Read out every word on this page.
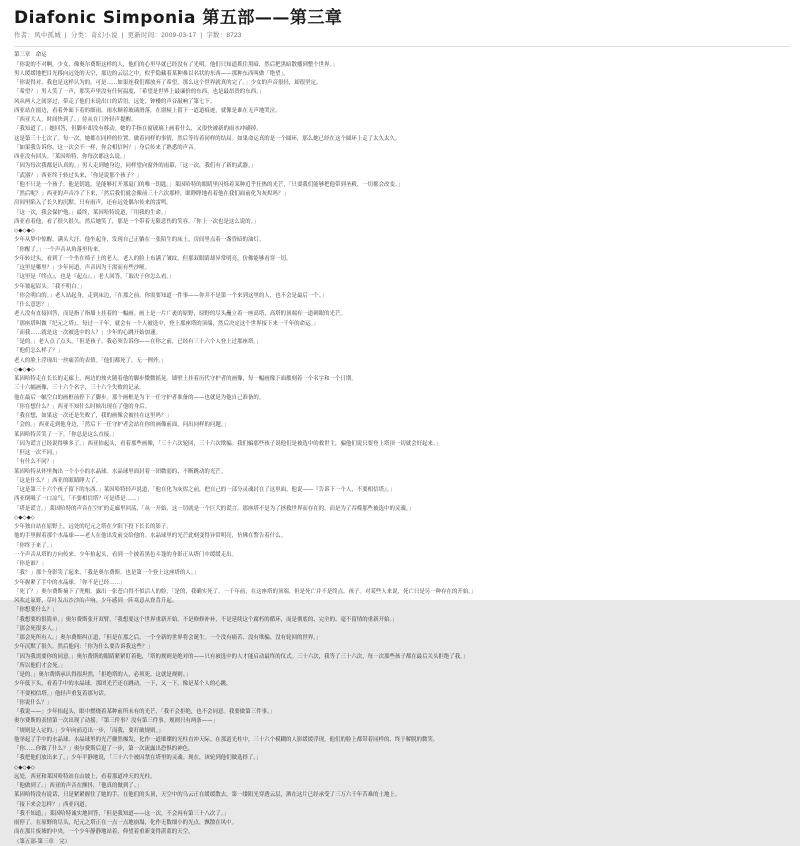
Diafonic Simponia 第五部——第三章
作者：风中孤城 | 分类：奇幻小说 | 更新时间：2009-03-17 | 字数：8723

第三章　命运

「你说的不对啊，少女，像奥尔费斯这样的人，他们的心里早就已经没有了光明。他们只知道抓住黑暗，然后把黑暗散播到整个世界。」

男人缓缓地把目光移向远处的天空，那边的云层之中，似乎隐藏着某种难以名状的东西——那种东西叫做「绝望」。

「你说得对，我也是这样认为的。可是……如果连我们都放弃了希望，那么这个世界就真的完了。」少女的声音很轻，却很坚定。

「希望？」男人笑了一声，那笑声里没有任何温度，「希望是世界上最廉价的东西，也是最昂贵的东西。」

风从两人之间穿过，带走了他们未说出口的话语。远处，钟楼的声音敲响了第七下。

西亚站在窗边，看着外面下着的细雨。雨水顺着玻璃滑落，在窗棂上留下一道道痕迹，就像是谁在无声地哭泣。

「西亚大人，时间快到了。」侍从在门外轻声提醒。

「我知道了。」她回答，但脚步却没有移动。她的手指在窗玻璃上画着什么，又很快被新的雨水冲刷掉。

这是第三十七次了。每一次，她都在同样的位置，做着同样的事情，然后等待着同样的结局。如果命运真的是一个圆环，那么她已经在这个圆环上走了太久太久。

「如果我告诉你，这一次会不一样，你会相信吗？」身后传来了熟悉的声音。

西亚没有回头。「莱因哈特，你每次都这么说。」

「因为每次我都是认真的。」男人走到她身边，同样望向窗外的雨幕，「这一次，我们有了新的武器。」

「武器？」西亚终于转过头来，「你是说那个孩子？」

「他不只是一个孩子。他是钥匙，是能够打开那扇门的唯一钥匙。」莱因哈特的眼睛里闪烁着某种近乎狂热的光芒，「只要我们能够把他带到圣殿，一切都会改变。」

「然后呢？」西亚的声音冷了下来，「然后我们就会像前三十六次那样，眼睁睁地看着他在我们面前化为灰烬吗？」

房间里陷入了长久的沉默。只有雨声，还有远处偶尔传来的雷鸣。

「这一次，我会保护他。」最终，莱因哈特说道，「用我的生命。」

西亚看着他，看了很久很久。然后她笑了，那是一个带着无限悲伤的笑容。「你上一次也是这么说的。」

◇◆◇◆◇

少年从梦中惊醒，满头大汗。他坐起身，发现自己正躺在一张陌生的床上，房间里点着一盏昏暗的油灯。

「你醒了。」一个声音从角落里传来。

少年转过头，看到了一个坐在椅子上的老人。老人的脸上布满了皱纹，但那双眼睛却异常明亮，仿佛能够看穿一切。

「这里是哪里？」少年问道，声音因为干渴而有些沙哑。

「这里是『终点』，也是『起点』。」老人回答，「取决于你怎么看。」

少年皱起眉头。「我不明白。」

「你会明白的。」老人站起身，走到床边，「在那之前，你需要知道一件事——你并不是第一个来到这里的人，也不会是最后一个。」

「什么意思？」

老人没有直接回答，而是指了指墙上挂着的一幅画。画上是一片广袤的原野，原野的尽头矗立着一座高塔，高塔的顶端有一道刺眼的光芒。

「那座塔叫做『纪元之塔』。每过一千年，就会有一个人被选中，登上那座塔的顶端，然后决定这个世界接下来一千年的命运。」

「而我……就是这一次被选中的人？」少年的心跳开始加速。

「是的。」老人点了点头，「但是孩子，我必须告诉你——在你之前，已经有三十六个人登上过那座塔。」

「他们怎么样了？」

老人的脸上浮现出一丝痛苦的表情。「他们都死了。无一例外。」

◇◆◇◆◇

莱因哈特走在长长的走廊上，两边的烛火随着他的脚步微微摇晃。墙壁上挂着历代守护者的画像，每一幅画像下面都刻着一个名字和一个日期。

三十六幅画像，三十六个名字，三十六个失败的记录。

他在最后一幅空白的画框前停下了脚步。那个画框是为下一任守护者准备的——也就是为他自己准备的。

「你在想什么？」西亚不知什么时候出现在了他的身后。

「我在想，如果这一次还是失败了，我的画像会被挂在这里吗？」

「会的。」西亚走到他身边，「然后下一任守护者会站在你的画像前面，问出同样的问题。」

莱因哈特苦笑了一下。「你总是这么直接。」

「因为谎言已经说得够多了。」西亚抬起头，看着那些画像，「三十六次轮回，三十六次欺骗。我们骗那些孩子说他们是被选中的救世主，骗他们说只要登上塔顶一切就会好起来。」

「但这一次不同。」

「有什么不同？」

莱因哈特从怀里掏出一个小小的水晶球。水晶球里面封着一团微弱的、不断跳动的光芒。

「这是什么？」西亚的眼睛睁大了。

「这是第三十六个孩子留下的东西。」莱因哈特轻声说道，「他在化为灰烬之前，把自己的一部分灵魂封在了这里面。他说——『告诉下一个人，不要相信塔』。」

西亚倒吸了一口凉气。「不要相信塔？可是塔是……」

「塔是谎言。」莱因哈特的声音在空旷的走廊里回荡，「从一开始，这一切就是一个巨大的谎言。那座塔不是为了拯救世界而存在的，而是为了吞噬那些被选中的灵魂。」

◇◆◇◆◇

少年独自站在原野上，远处的纪元之塔在夕阳下投下长长的影子。

他的手里握着那个水晶球——老人在他出发前交给他的。水晶球里的光芒此刻变得异常明亮，仿佛在警告着什么。

「你终于来了。」

一个声音从塔的方向传来。少年抬起头，看到一个披着黑色斗篷的身影正从塔门中缓缓走出。

「你是谁？」

「我？」那个身影笑了起来，「我是奥尔费斯。也是第一个登上这座塔的人。」

少年握紧了手中的水晶球。「你不是已经……」

「死了？」奥尔费斯摘下了兜帽，露出一张苍白得不似活人的脸，「是的，我确实死了。一千年前，在这座塔的顶端。但是死亡并不是终点，孩子。对某些人来说，死亡只是另一种存在的开始。」

风吹过原野，草叶发出沙沙的声响。少年感到一阵寒意从脊背升起。

「你想要什么？」

「我想要的很简单。」奥尔费斯张开双臂，「我想要这个世界重新开始。不是修修补补，不是延续这个腐朽的循环，而是彻底的、完全的、毫不留情的重新开始。」

「那会死很多人。」

「那会死所有人。」奥尔费斯纠正道，「但是在那之后，一个全新的世界将会诞生。一个没有痛苦、没有欺骗、没有轮回的世界。」

少年沉默了很久。然后他问：「你为什么要告诉我这些？」

「因为我需要你的同意。」奥尔费斯的眼睛紧紧盯着他，「塔的规则是绝对的——只有被选中的人才能启动最终的仪式。三十六次，我等了三十六次，每一次那些孩子都在最后关头拒绝了我。」

「所以他们才会死。」

「是的。」奥尔费斯承认得很坦然，「拒绝塔的人，必须死。这就是规则。」

少年低下头，看着手中的水晶球。那团光芒还在跳动，一下，又一下，像是某个人的心跳。

「不要相信塔。」他轻声重复着那句话。

「你说什么？」

「我说——」少年抬起头，眼中燃烧着某种前所未有的光芒，「我不会拒绝，也不会同意。我要做第三件事。」

奥尔费斯的表情第一次出现了动摇。「第三件事？没有第三件事。规则只有两条——」

「规则是人定的。」少年向前迈出一步，「而我，要打破规则。」

他举起了手中的水晶球。水晶球里的光芒骤然爆发，化作一道璀璨的光柱直冲天际。在那道光柱中，三十六个模糊的人影缓缓浮现，他们的脸上都带着同样的、终于解脱的微笑。

「你……你做了什么？」奥尔费斯后退了一步，第一次流露出恐惧的神色。

「我把他们放出来了。」少年平静地说，「三十六个被囚禁在塔里的灵魂。现在，该轮到他们做选择了。」

◇◆◇◆◇

远处，西亚和莱因哈特站在山坡上，看着那道冲天的光柱。

「他做到了。」西亚的声音在颤抖，「他真的做到了。」

莱因哈特没有说话，只是紧紧握住了她的手。在他们的头顶，天空中的乌云正在缓缓散去，第一缕阳光穿透云层，洒在这片已经承受了三万六千年苦难的土地上。

「接下来会怎样？」西亚问道。

「我不知道。」莱因哈特诚实地回答，「但是我知道——这一次，不会再有第三十八次了。」

雨停了。在原野的尽头，纪元之塔正在一点一点地崩塌，化作无数细小的光点，飘散在风中。

而在那片废墟的中央，一个少年静静地站着，仰望着重新变得湛蓝的天空。

（第五部·第三章　完）
